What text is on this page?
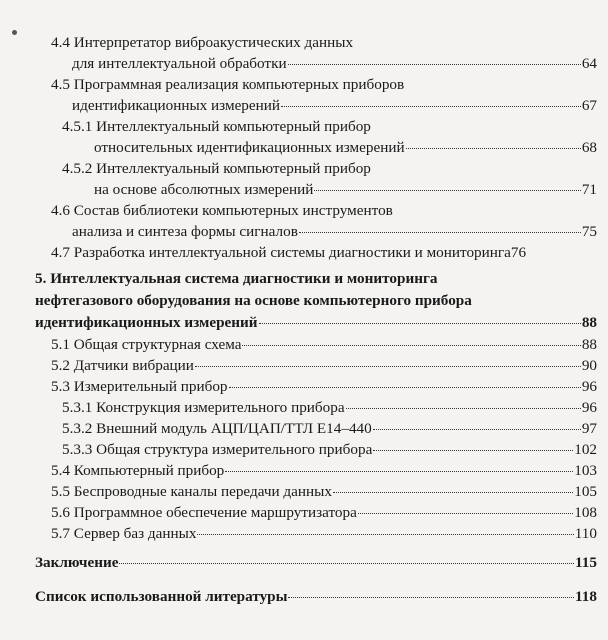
4.4 Интерпретатор виброакустических данных
для интеллектуальной обработки	64
4.5 Программная реализация компьютерных приборов
идентификационных измерений	67
4.5.1 Интеллектуальный компьютерный прибор
относительных идентификационных измерений	68
4.5.2 Интеллектуальный компьютерный прибор
на основе абсолютных измерений	71
4.6 Состав библиотеки компьютерных инструментов
анализа и синтеза формы сигналов	75
4.7 Разработка интеллектуальной системы диагностики и мониторинга 76
5. Интеллектуальная система диагностики и мониторинга
нефтегазового оборудования на основе компьютерного прибора
идентификационных измерений	88
5.1 Общая структурная схема	88
5.2 Датчики вибрации	90
5.3 Измерительный прибор	96
5.3.1 Конструкция измерительного прибора	96
5.3.2 Внешний модуль АЦП/ЦАП/ТТЛ E14–440	97
5.3.3 Общая структура измерительного прибора	102
5.4 Компьютерный прибор	103
5.5 Беспроводные каналы передачи данных	105
5.6 Программное обеспечение маршрутизатора	108
5.7 Сервер баз данных	110
Заключение	115
Список использованной литературы	118
